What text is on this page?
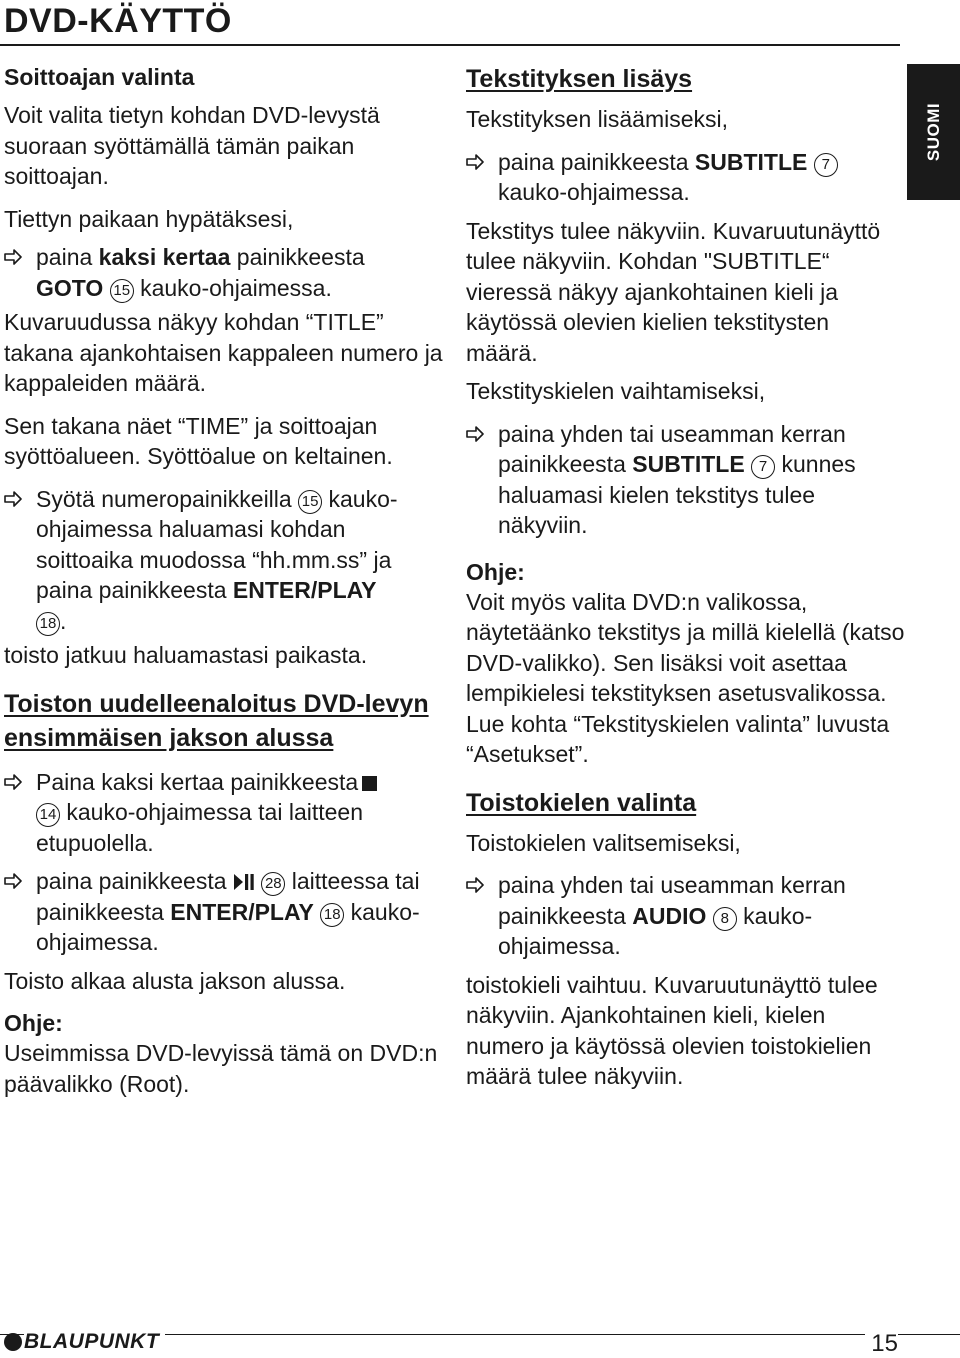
DVD-KÄYTTÖ
SUOMI
Soittoajan valinta

Voit valita tietyn kohdan DVD-levystä suoraan syöttämällä tämän paikan soittoajan.

Tiettyn paikaan hypätäksesi,

paina kaksi kertaa painikkeesta
GOTO 15 kauko-ohjaimessa.

Kuvaruudussa näkyy kohdan “TITLE” takana ajankohtaisen kappaleen numero ja kappaleiden määrä.

Sen takana näet “TIME” ja soittoajan syöttöalueen. Syöttöalue on keltainen.

Syötä numeropainikkeilla 15 kauko-ohjaimessa haluamasi kohdan soittoaika muodossa “hh.mm.ss” ja paina painikkeesta ENTER/PLAY
18 .

toisto jatkuu haluamastasi paikasta.

Toiston uudelleenaloitus DVD-levyn ensimmäisen jakson alussa
Paina kaksi kertaa painikkeesta
14 kauko-ohjaimessa tai laitteen etupuolella.
paina painikkeesta  28 laitteessa tai painikkeesta ENTER/PLAY 18 kauko-ohjaimessa.

Toisto alkaa alusta jakson alussa.

Ohje:

Useimmissa DVD-levyissä tämä on DVD:n päävalikko (Root).

Tekstityksen lisäys

Tekstityksen lisäämiseksi,

paina painikkeesta SUBTITLE 7 kauko-ohjaimessa.

Tekstitys tulee näkyviin. Kuvaruutunäyttö tulee näkyviin. Kohdan "SUBTITLE“ vieressä näkyy ajankohtainen kieli ja käytössä olevien kielien tekstitysten määrä.

Tekstityskielen vaihtamiseksi,

paina yhden tai useamman kerran painikkeesta SUBTITLE 7 kunnes haluamasi kielen tekstitys tulee näkyviin.
Ohje:

Voit myös valita DVD:n valikossa, näytetäänko tekstitys ja millä kielellä (katso DVD-valikko). Sen lisäksi voit asettaa lempikielesi tekstityksen asetusvalikossa. Lue kohta “Tekstityskielen valinta” luvusta “Asetukset”.

Toistokielen valinta

Toistokielen valitsemiseksi,

paina yhden tai useamman kerran painikkeesta AUDIO 8 kauko-ohjaimessa.

toistokieli vaihtuu. Kuvaruutunäyttö tulee näkyviin. Ajankohtainen kieli, kielen numero ja käytössä olevien toistokielien määrä tulee näkyviin.

BLAUPUNKT	15
